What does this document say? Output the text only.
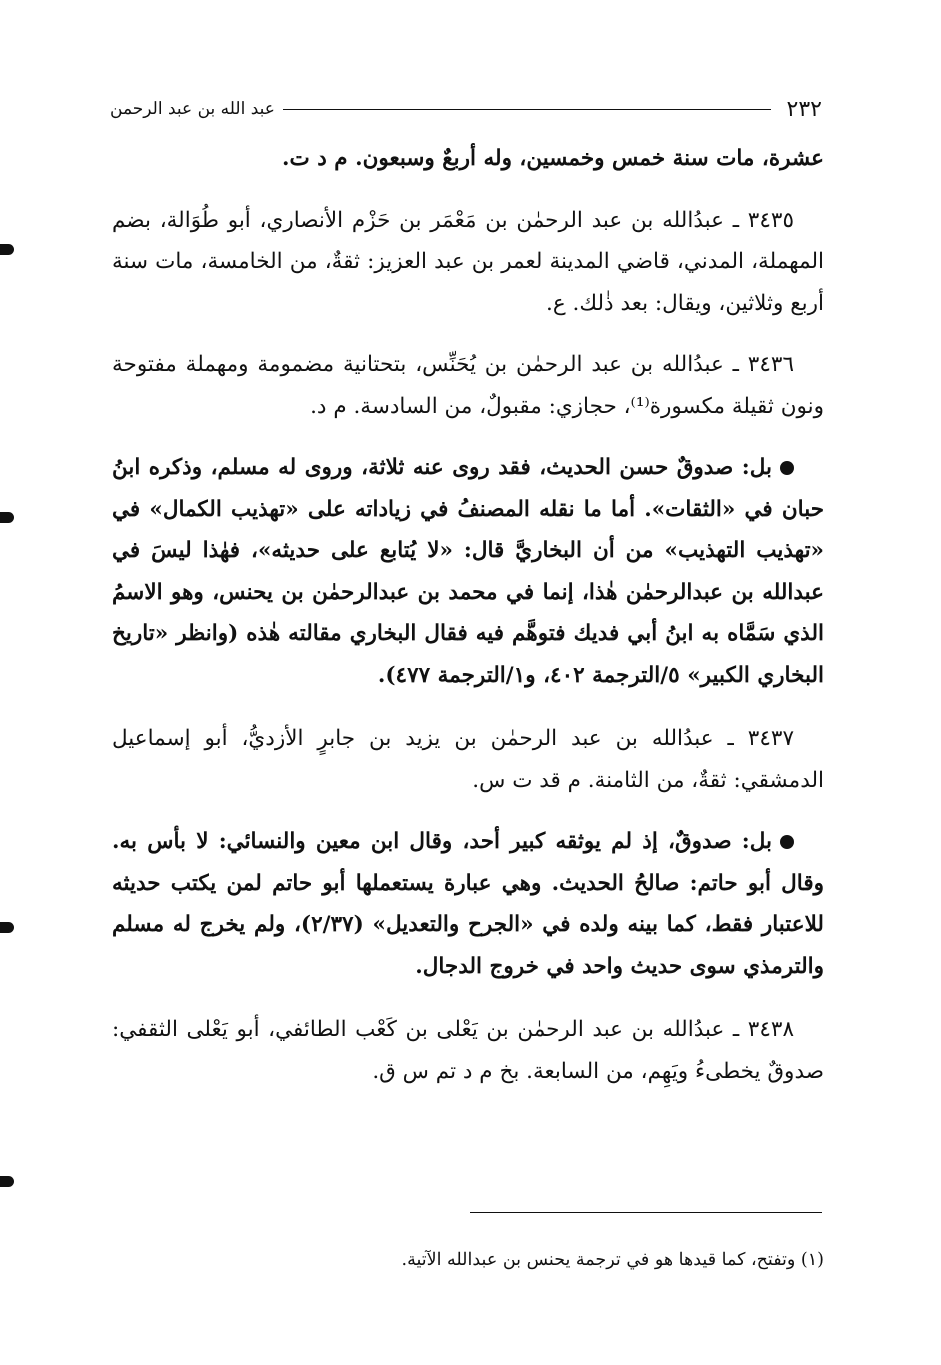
٢٣٢
عبد الله بن عبد الرحمن

عشرة، مات سنة خمس وخمسين، وله أربعٌ وسبعون. م د ت.

٣٤٣٥ ـ عبدُالله بن عبد الرحمٰن بن مَعْمَر بن حَزْم الأنصاري، أبو طُوَالة، بضم المهملة، المدني، قاضي المدينة لعمر بن عبد العزيز: ثقةٌ، من الخامسة، مات سنة أربع وثلاثين، ويقال: بعد ذٰلك. ع.

٣٤٣٦ ـ عبدُالله بن عبد الرحمٰن بن يُحَنِّس، بتحتانية مضمومة ومهملة مفتوحة ونون ثقيلة مكسورة⁽¹⁾، حجازي: مقبولٌ، من السادسة. م د.

بل: صدوقٌ حسن الحديث، فقد روى عنه ثلاثة، وروى له مسلم، وذكره ابنُ حبان في «الثقات». أما ما نقله المصنفُ في زياداته على «تهذيب الكمال» في «تهذيب التهذيب» من أن البخاريَّ قال: «لا يُتابع على حديثه»، فهٰذا ليسَ في عبدالله بن عبدالرحمٰن هٰذا، إنما في محمد بن عبدالرحمٰن بن يحنس، وهو الاسمُ الذي سَمَّاه به ابنُ أبي فديك فتوهَّم فيه فقال البخاري مقالته هٰذه (وانظر «تاريخ البخاري الكبير» ٥/الترجمة ٤٠٢، و١/الترجمة ٤٧٧).

٣٤٣٧ ـ عبدُالله بن عبد الرحمٰن بن يزيد بن جابرٍ الأزديُّ، أبو إسماعيل الدمشقي: ثقةٌ، من الثامنة. م قد ت س.

بل: صدوقٌ، إذ لم يوثقه كبير أحد، وقال ابن معين والنسائي: لا بأس به. وقال أبو حاتم: صالحُ الحديث. وهي عبارة يستعملها أبو حاتم لمن يكتب حديثه للاعتبار فقط، كما بينه ولده في «الجرح والتعديل» (٢/٣٧)، ولم يخرج له مسلم والترمذي سوى حديث واحد في خروج الدجال.

٣٤٣٨ ـ عبدُالله بن عبد الرحمٰن بن يَعْلى بن كَعْب الطائفي، أبو يَعْلى الثقفي: صدوقٌ يخطىءُ ويَهِم، من السابعة. بخ م د تم س ق.

(١) وتفتح، كما قيدها هو في ترجمة يحنس بن عبدالله الآتية.
